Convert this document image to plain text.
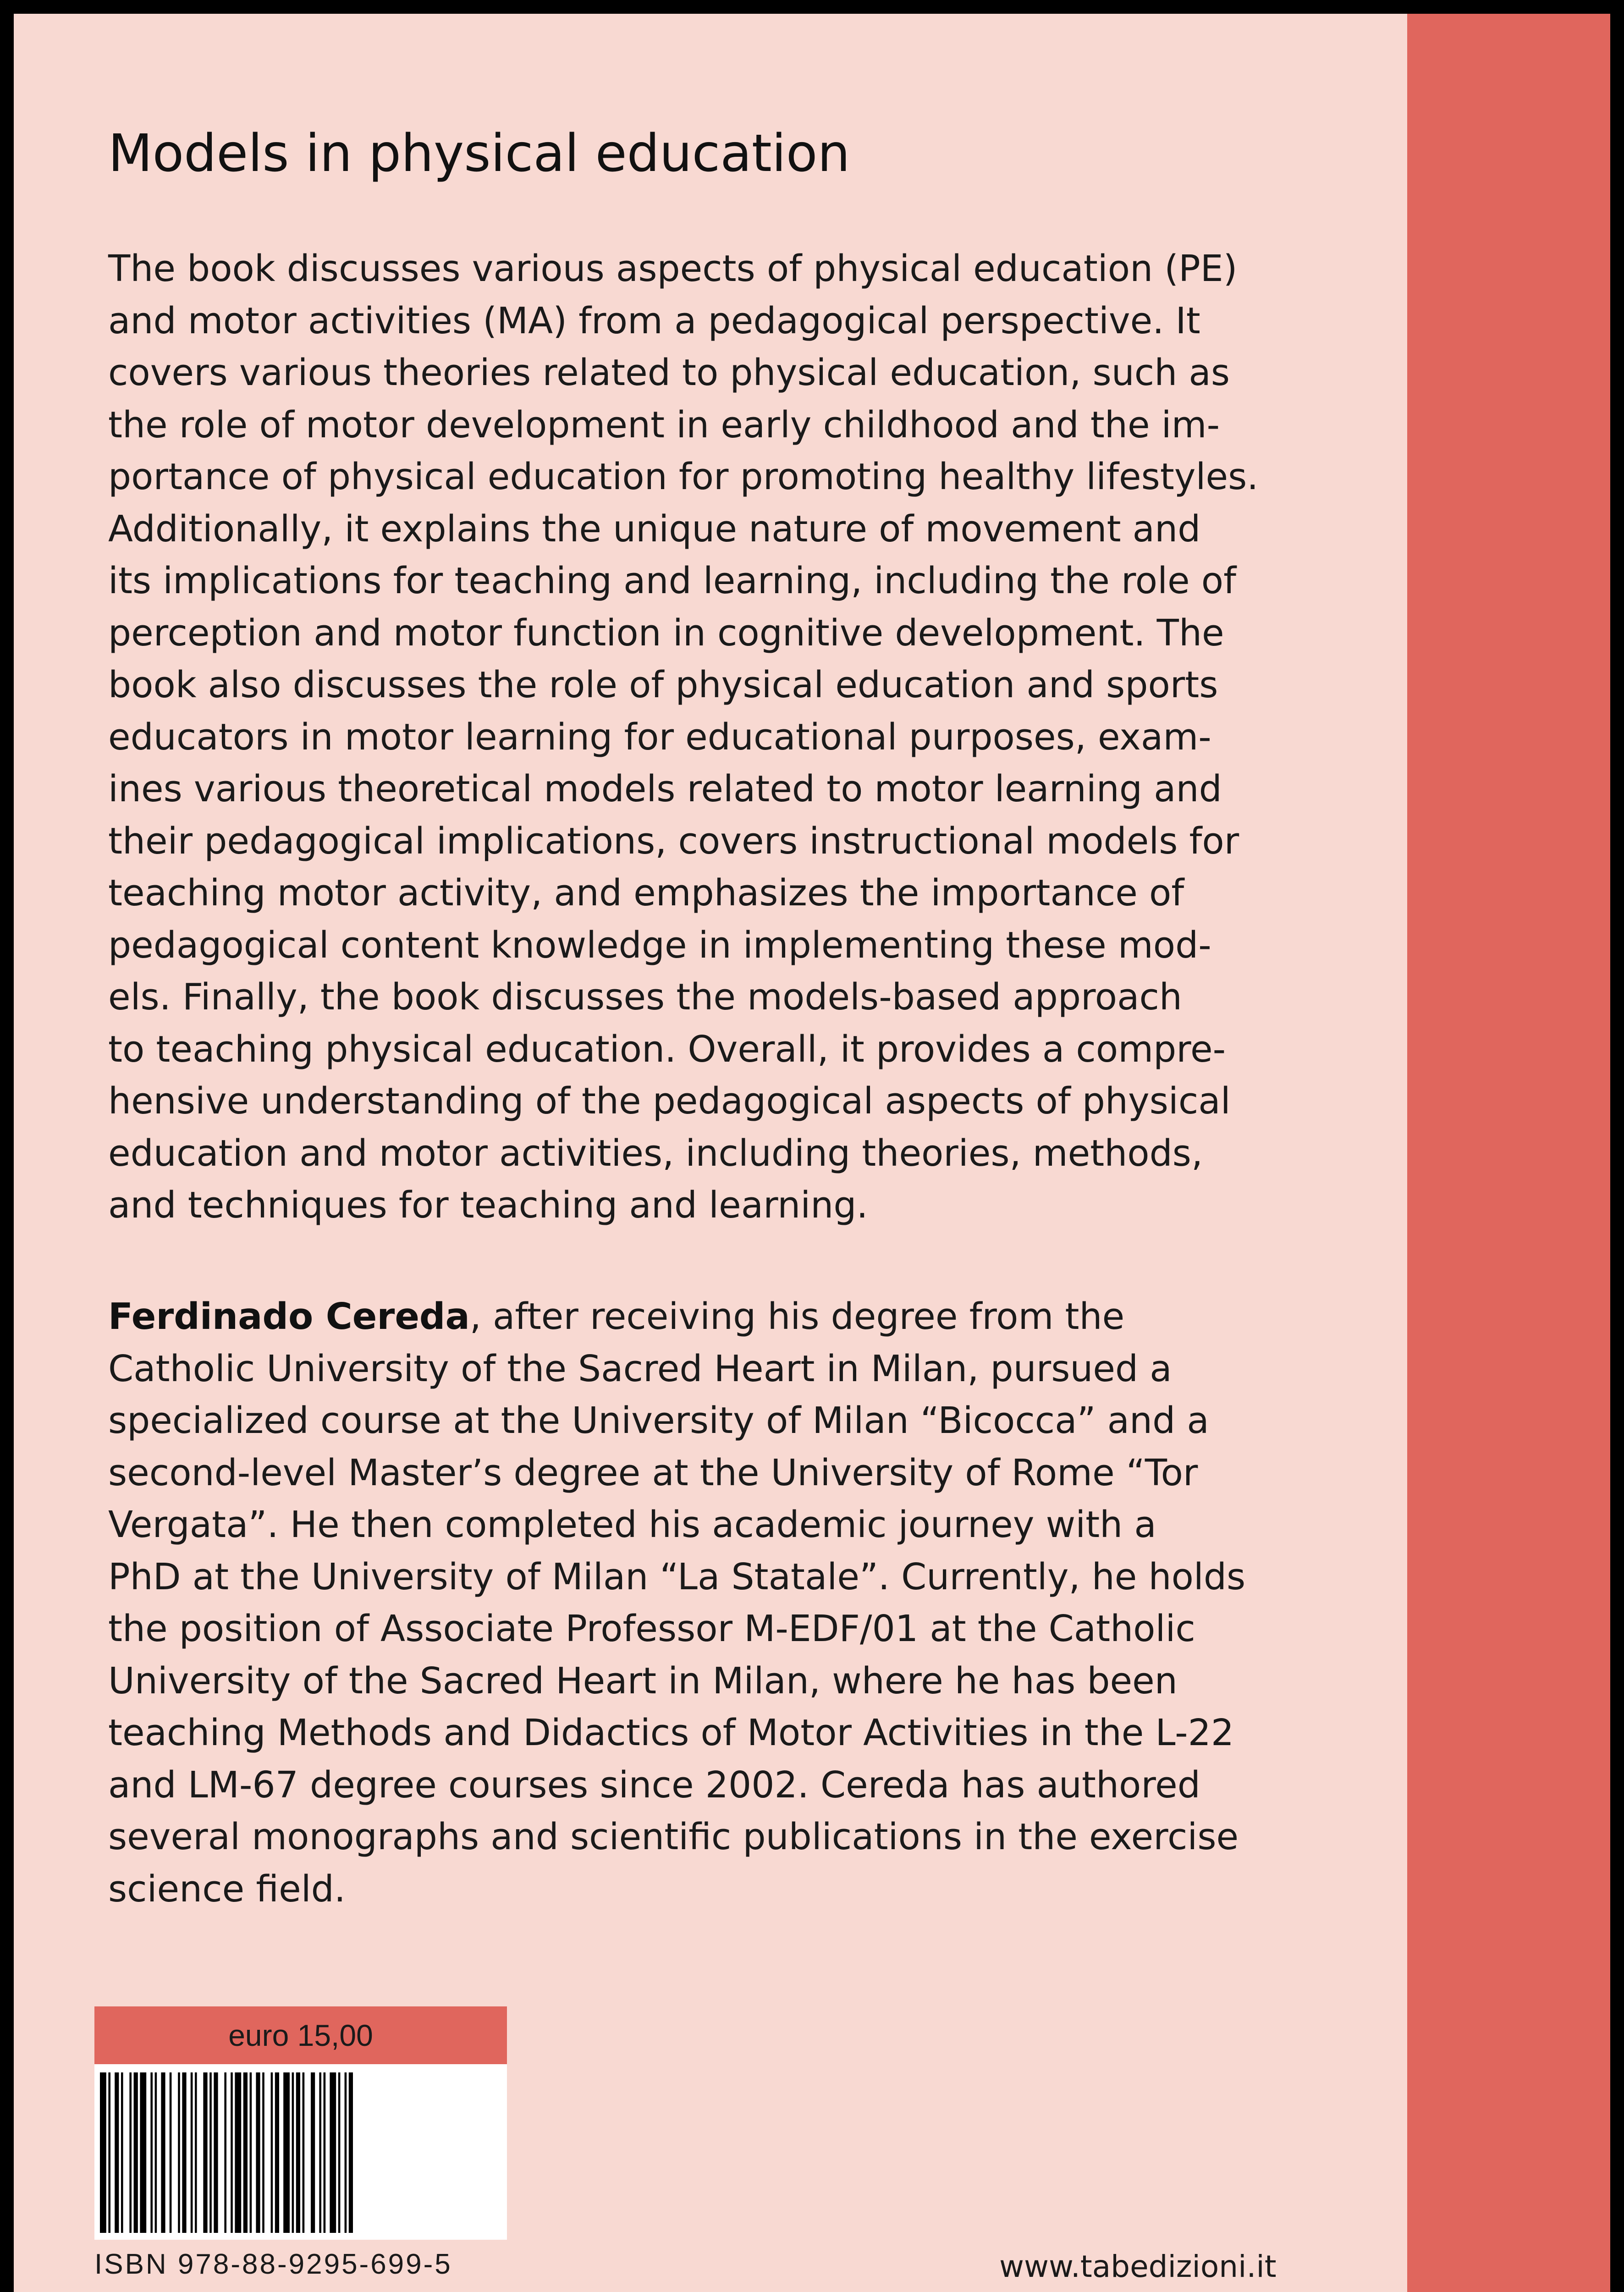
Models in physical education

The book discusses various aspects of physical education (PE)
and motor activities (MA) from a pedagogical perspective. It
covers various theories related to physical education, such as
the role of motor development in early childhood and the im-
portance of physical education for promoting healthy lifestyles.
Additionally, it explains the unique nature of movement and
its implications for teaching and learning, including the role of
perception and motor function in cognitive development. The
book also discusses the role of physical education and sports
educators in motor learning for educational purposes, exam-
ines various theoretical models related to motor learning and
their pedagogical implications, covers instructional models for
teaching motor activity, and emphasizes the importance of
pedagogical content knowledge in implementing these mod-
els. Finally, the book discusses the models-based approach
to teaching physical education. Overall, it provides a compre-
hensive understanding of the pedagogical aspects of physical
education and motor activities, including theories, methods,
and techniques for teaching and learning.

Ferdinado Cereda, after receiving his degree from the
Catholic University of the Sacred Heart in Milan, pursued a
specialized course at the University of Milan “Bicocca” and a
second-level Master’s degree at the University of Rome “Tor
Vergata”. He then completed his academic journey with a
PhD at the University of Milan “La Statale”. Currently, he holds
the position of Associate Professor M-EDF/01 at the Catholic
University of the Sacred Heart in Milan, where he has been
teaching Methods and Didactics of Motor Activities in the L-22
and LM-67 degree courses since 2002. Cereda has authored
several monographs and scientific publications in the exercise
science field.

euro 15,00
ISBN 978-88-9295-699-5	www.tabedizioni.it
